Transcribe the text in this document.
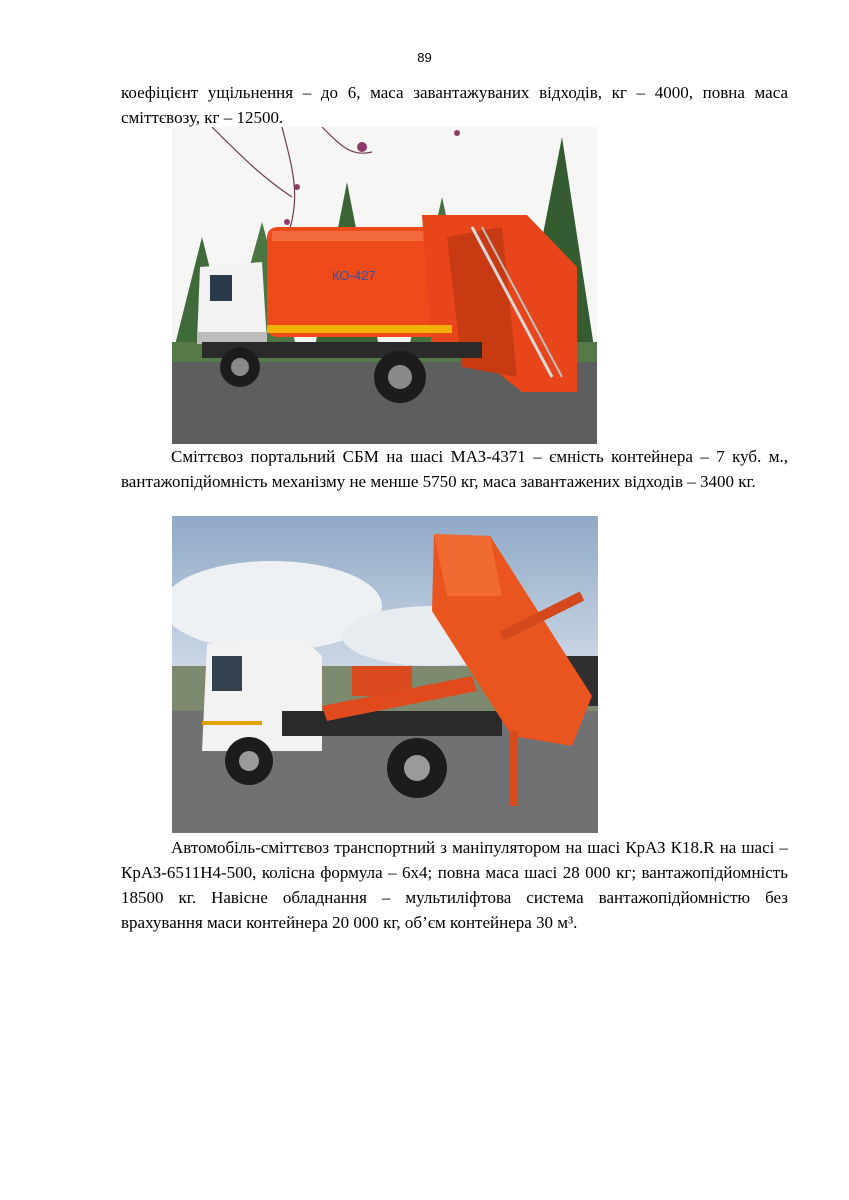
89

коефіцієнт ущільнення – до 6, маса завантажуваних відходів, кг – 4000, повна маса сміттєвозу, кг – 12500.

КО-427

Сміттєвоз портальний СБМ на шасі МАЗ-4371 – ємність контейнера – 7 куб. м., вантажопідйомність механізму не менше 5750 кг, маса завантажених відходів – 3400 кг.

Автомобіль-сміттєвоз транспортний з маніпулятором на шасі КрАЗ К18.R на шасі – КрАЗ-6511Н4-500, колісна формула – 6x4; повна маса шасі 28 000 кг; вантажопідйомність 18500 кг. Навісне обладнання – мультиліфтова система вантажопідйомністю без врахування маси контейнера 20 000 кг, об’єм контейнера 30 м³.
